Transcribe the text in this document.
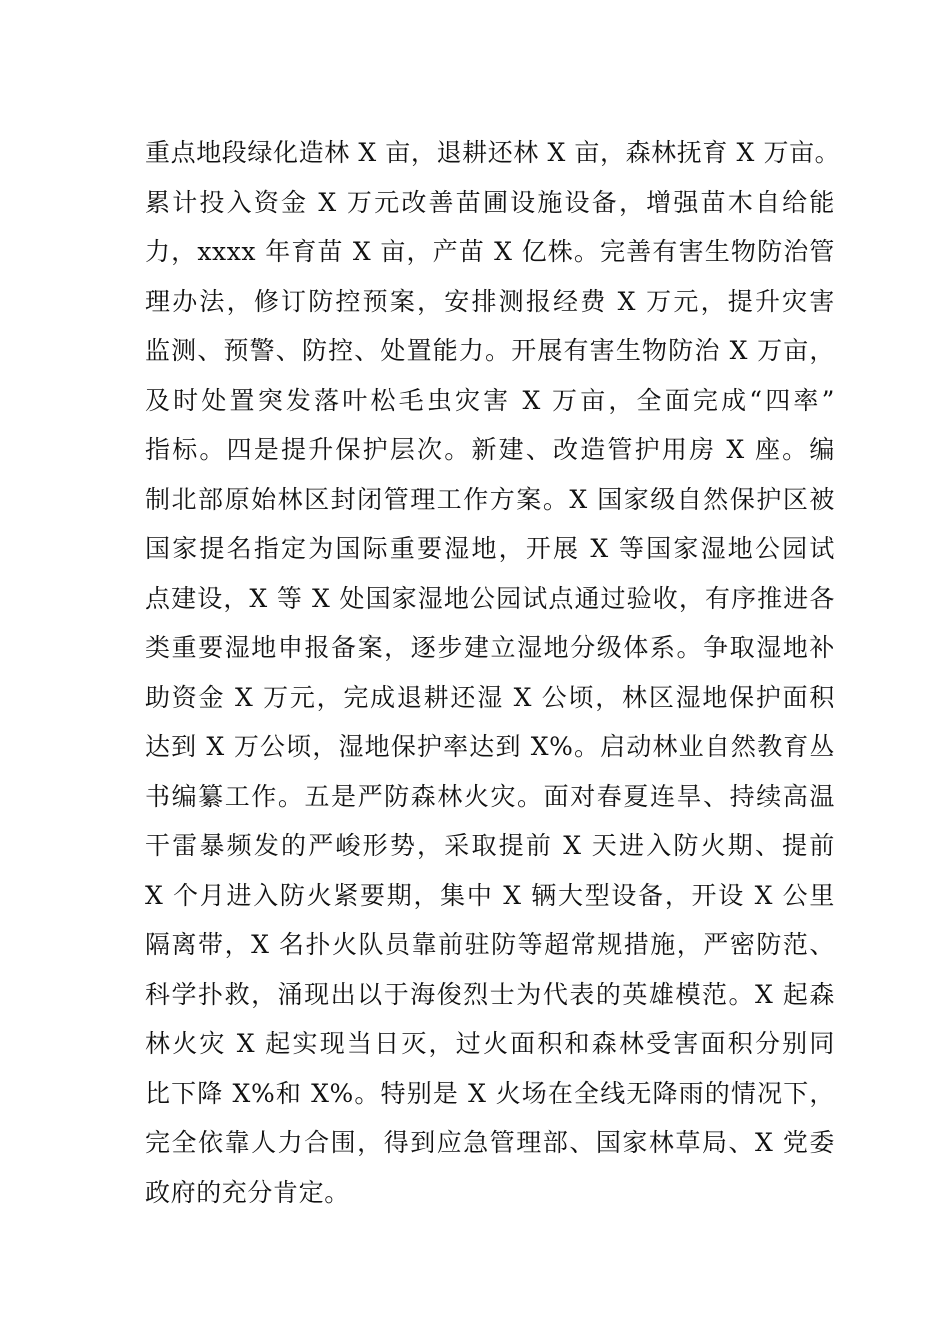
重点地段绿化造林 X 亩，退耕还林 X 亩，森林抚育 X 万亩。
累计投入资金 X 万元改善苗圃设施设备，增强苗木自给能
力，xxxx 年育苗 X 亩，产苗 X 亿株。完善有害生物防治管
理办法，修订防控预案，安排测报经费 X 万元，提升灾害
监测、预警、防控、处置能力。开展有害生物防治 X 万亩，
及时处置突发落叶松毛虫灾害 X 万亩，全面完成“四率”
指标。四是提升保护层次。新建、改造管护用房 X 座。编
制北部原始林区封闭管理工作方案。X 国家级自然保护区被
国家提名指定为国际重要湿地，开展 X 等国家湿地公园试
点建设，X 等 X 处国家湿地公园试点通过验收，有序推进各
类重要湿地申报备案，逐步建立湿地分级体系。争取湿地补
助资金 X 万元，完成退耕还湿 X 公顷，林区湿地保护面积
达到 X 万公顷，湿地保护率达到 X%。启动林业自然教育丛
书编纂工作。五是严防森林火灾。面对春夏连旱、持续高温
干雷暴频发的严峻形势，采取提前 X 天进入防火期、提前
X 个月进入防火紧要期，集中 X 辆大型设备，开设 X 公里
隔离带，X 名扑火队员靠前驻防等超常规措施，严密防范、
科学扑救，涌现出以于海俊烈士为代表的英雄模范。X 起森
林火灾 X 起实现当日灭，过火面积和森林受害面积分别同
比下降 X%和 X%。特别是 X 火场在全线无降雨的情况下，
完全依靠人力合围，得到应急管理部、国家林草局、X 党委
政府的充分肯定。
